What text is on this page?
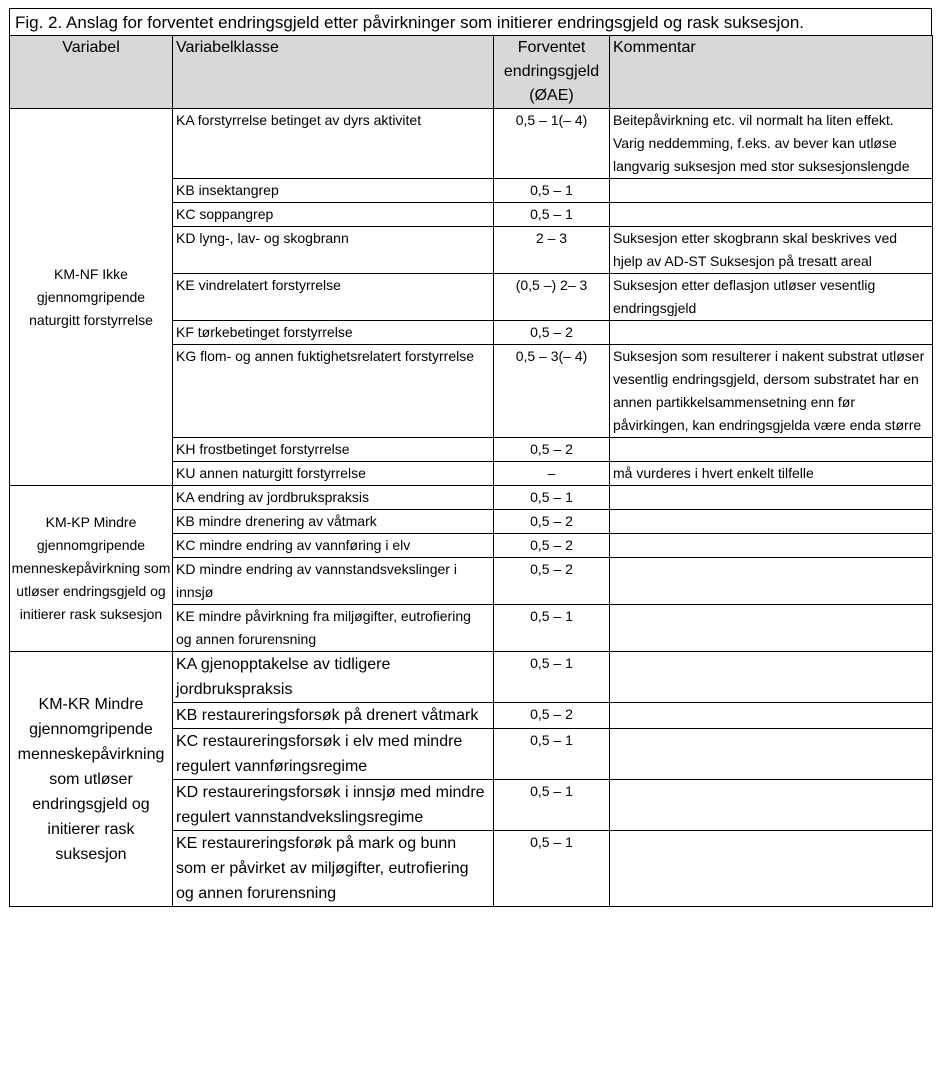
Fig. 2. Anslag for forventet endringsgjeld etter påvirkninger som initierer endringsgjeld og rask suksesjon.
Variabel	Variabelklasse	Forventet endringsgjeld (ØAE)	Kommentar

KM-NF Ikke gjennomgripende naturgitt forstyrrelse	KA forstyrrelse betinget av dyrs aktivitet	0,5 – 1(– 4)	Beitepåvirkning etc. vil normalt ha liten effekt. Varig neddemming, f.eks. av bever kan utløse langvarig suksesjon med stor suksesjonslengde
	KB insektangrep	0,5 – 1	
	KC soppangrep	0,5 – 1	
	KD lyng-, lav- og skogbrann	2 – 3	Suksesjon etter skogbrann skal beskrives ved hjelp av AD-ST Suksesjon på tresatt areal
	KE vindrelatert forstyrrelse	(0,5 –) 2– 3	Suksesjon etter deflasjon utløser vesentlig endringsgjeld
	KF tørkebetinget forstyrrelse	0,5 – 2	
	KG flom- og annen fuktighetsrelatert forstyrrelse	0,5 – 3(– 4)	Suksesjon som resulterer i nakent substrat utløser vesentlig endringsgjeld, dersom substratet har en annen partikkelsammensetning enn før påvirkingen, kan endringsgjelda være enda større
	KH frostbetinget forstyrrelse	0,5 – 2	
	KU annen naturgitt forstyrrelse	–	må vurderes i hvert enkelt tilfelle

KM-KP Mindre gjennomgripende menneskepåvirkning som utløser endringsgjeld og initierer rask suksesjon	KA endring av jordbrukspraksis	0,5 – 1	
	KB mindre drenering av våtmark	0,5 – 2	
	KC mindre endring av vannføring i elv	0,5 – 2	
	KD mindre endring av vannstandsvekslinger i innsjø	0,5 – 2	
	KE mindre påvirkning fra miljøgifter, eutrofiering og annen forurensning	0,5 – 1	

KM-KR Mindre gjennomgripende menneskepåvirkning som utløser endringsgjeld og initierer rask suksesjon	KA gjenopptakelse av tidligere jordbrukspraksis	0,5 – 1	
	KB restaureringsforsøk på drenert våtmark	0,5 – 2	
	KC restaureringsforsøk i elv med mindre regulert vannføringsregime	0,5 – 1	
	KD restaureringsforsøk i innsjø med mindre regulert vannstandvekslingsregime	0,5 – 1	
	KE restaureringsforøk på mark og bunn som er påvirket av miljøgifter, eutrofiering og annen forurensning	0,5 – 1	
